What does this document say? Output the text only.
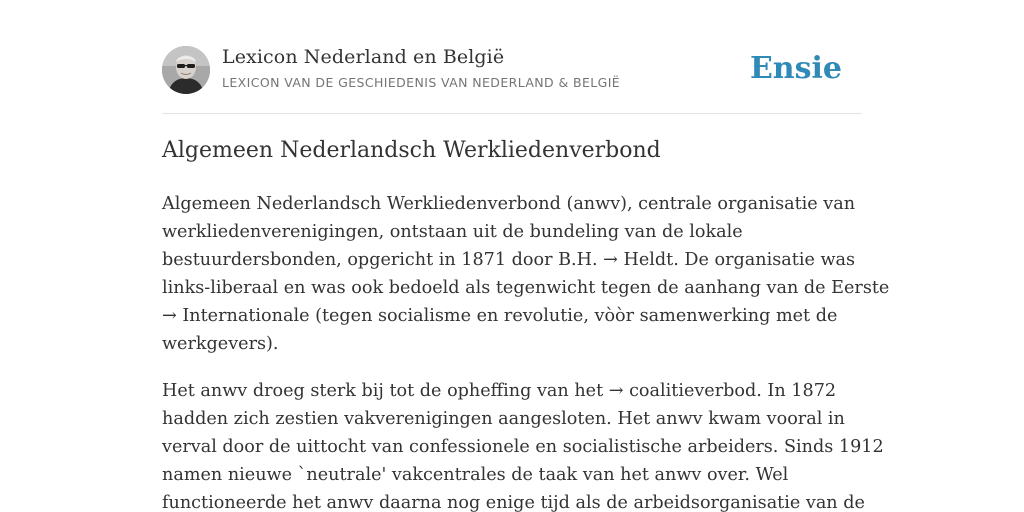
Lexicon Nederland en België
LEXICON VAN DE GESCHIEDENIS VAN NEDERLAND & BELGIË	Ensie
Algemeen Nederlandsch Werkliedenverbond

Algemeen Nederlandsch Werkliedenverbond (anwv), centrale organisatie van
werkliedenverenigingen, ontstaan uit de bundeling van de lokale
bestuurdersbonden, opgericht in 1871 door B.H. → Heldt. De organisatie was
links-liberaal en was ook bedoeld als tegenwicht tegen de aanhang van de Eerste
→ Internationale (tegen socialisme en revolutie, vòòr samenwerking met de
werkgevers).

Het anwv droeg sterk bij tot de opheffing van het → coalitieverbod. In 1872
hadden zich zestien vakverenigingen aangesloten. Het anwv kwam vooral in
verval door de uittocht van confessionele en socialistische arbeiders. Sinds 1912
namen nieuwe `neutrale' vakcentrales de taak van het anwv over. Wel
functioneerde het anwv daarna nog enige tijd als de arbeidsorganisatie van de
